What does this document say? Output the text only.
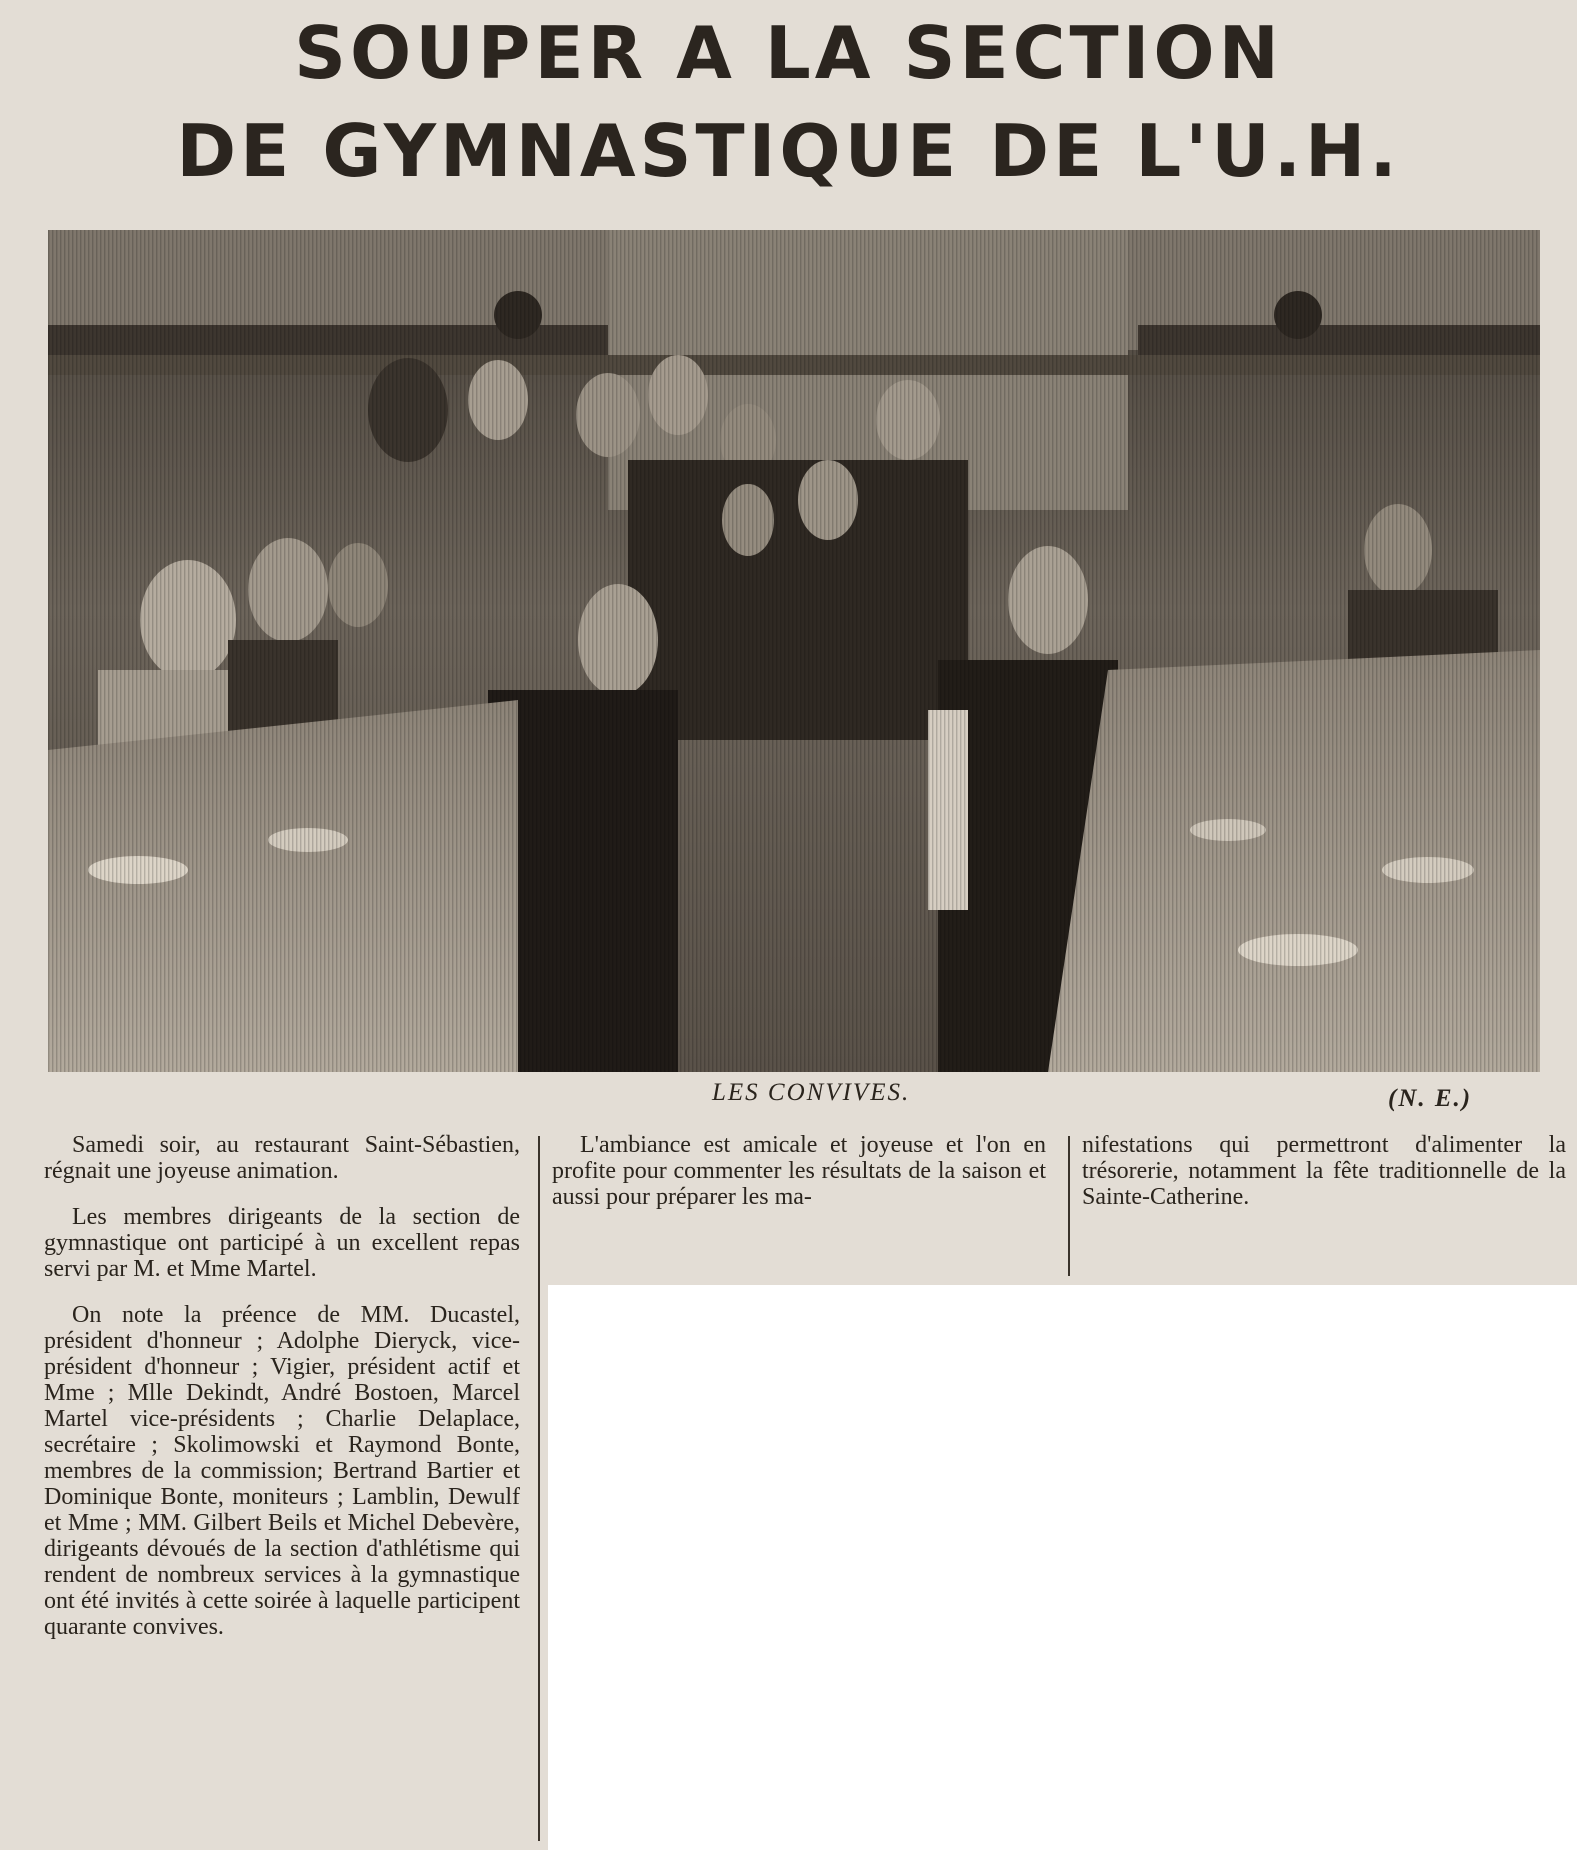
SOUPER A LA SECTION
DE GYMNASTIQUE DE L'U.H.
LES CONVIVES.	(N. E.)

Samedi soir, au restaurant Saint-Sébastien, régnait une joyeuse animation.

Les membres dirigeants de la section de gymnastique ont participé à un excellent repas servi par M. et Mme Martel.

On note la préence de MM. Ducastel, président d'honneur ; Adolphe Dieryck, vice-président d'honneur ; Vigier, président actif et Mme ; Mlle Dekindt, André Bostoen, Marcel Martel vice-présidents ; Charlie Delaplace, secrétaire ; Skolimowski et Raymond Bonte, membres de la commission; Bertrand Bartier et Dominique Bonte, moniteurs ; Lamblin, Dewulf et Mme ; MM. Gilbert Beils et Michel Debevère, dirigeants dévoués de la section d'athlétisme qui rendent de nombreux services à la gymnastique ont été invités à cette soirée à laquelle participent quarante convives.

L'ambiance est amicale et joyeuse et l'on en profite pour commenter les résultats de la saison et aussi pour préparer les ma-

nifestations qui permettront d'alimenter la trésorerie, notamment la fête traditionnelle de la Sainte-Catherine.
